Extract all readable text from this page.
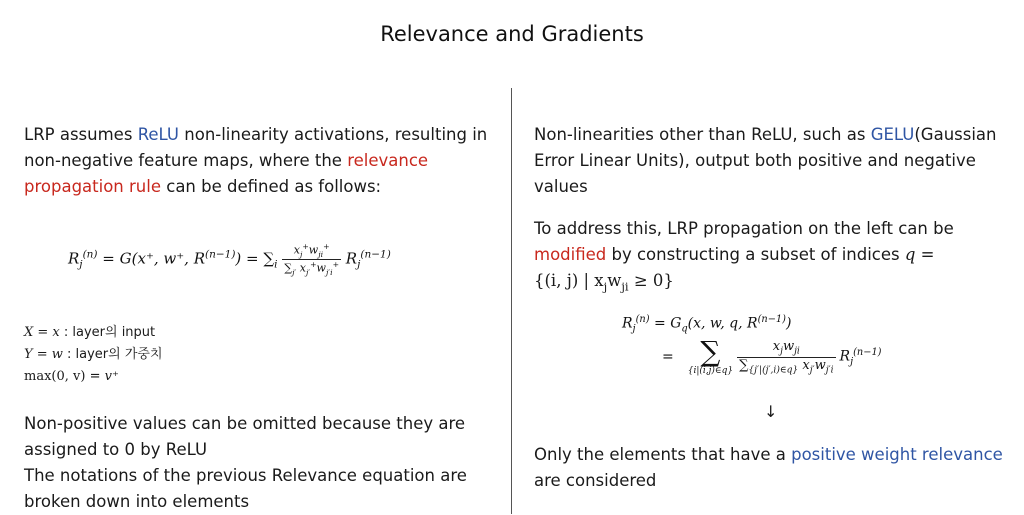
Relevance and Gradients
LRP assumes ReLU non-linearity activations, resulting in
non-negative feature maps, where the relevance
propagation rule can be defined as follows:
$R_j^{(n)} = G(x^+$, w⁺, $R^{(n-1)}) = \sum_i \frac{x_j^+w_{ji}^+}{\sum_{j'} x_{j'}^+w_{j'i}^+} R_j^{(n-1)}$
X = x : layer의 input
Y = w : layer의 가중치
max(0, v) = v⁺
Non-positive values can be omitted because they are
assigned to 0 by ReLU
The notations of the previous Relevance equation are
broken down into elements
Non-linearities other than ReLU, such as GELU(Gaussian
Error Linear Units), output both positive and negative
values
To address this, LRP propagation on the left can be
modified by constructing a subset of indices q =
{(i, j) | $x_jw_{ji} \ge 0$}
$R_j^{(n)} = G_q(x$, w, q, $R^{(n-1)}$)
= ∑
{i|(i,j)∈q} $\frac{x_jw_{ji}}{\sum_{\{j'|(j',i)\in q\}} x_{j'}w_{j'i}} R_j^{(n-1)}$
↓
Only the elements that have a positive weight relevance
are considered
